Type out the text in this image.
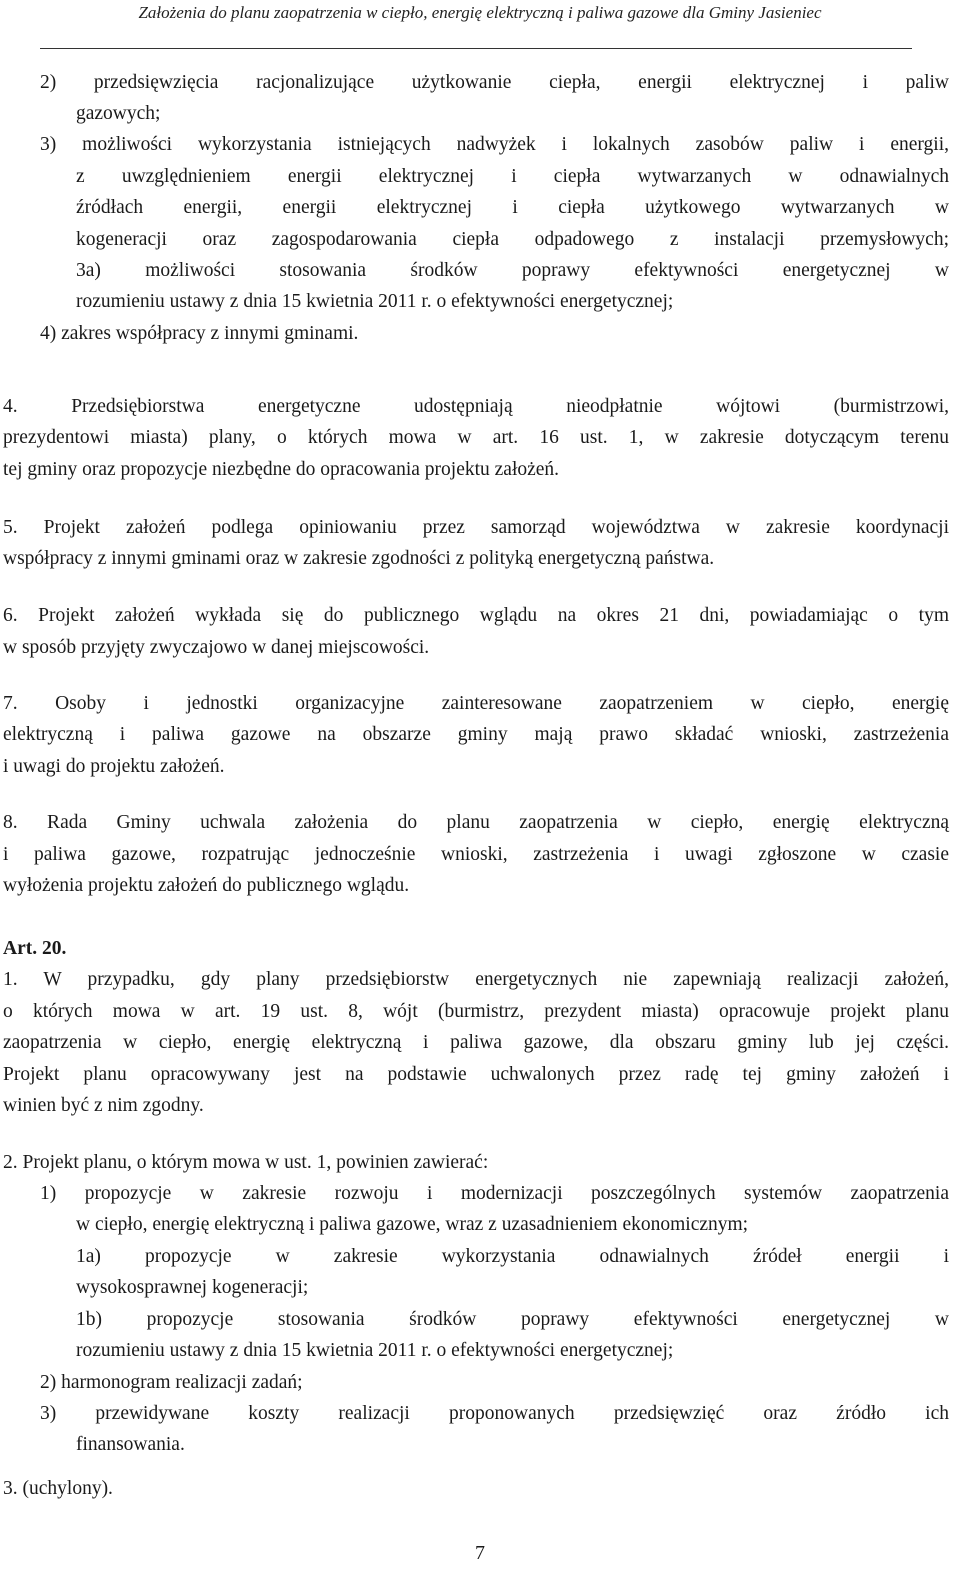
Założenia do planu zaopatrzenia w ciepło, energię elektryczną i paliwa gazowe dla Gminy Jasieniec
2) przedsięwzięcia racjonalizujące użytkowanie ciepła, energii elektrycznej i paliw
gazowych;
3) możliwości wykorzystania istniejących nadwyżek i lokalnych zasobów paliw i energii,
z uwzględnieniem energii elektrycznej i ciepła wytwarzanych w odnawialnych
źródłach energii, energii elektrycznej i ciepła użytkowego wytwarzanych w
kogeneracji oraz zagospodarowania ciepła odpadowego z instalacji przemysłowych;
3a) możliwości stosowania środków poprawy efektywności energetycznej w
rozumieniu ustawy z dnia 15 kwietnia 2011 r. o efektywności energetycznej;
4) zakres współpracy z innymi gminami.
4. Przedsiębiorstwa energetyczne udostępniają nieodpłatnie wójtowi (burmistrzowi,
prezydentowi miasta) plany, o których mowa w art. 16 ust. 1, w zakresie dotyczącym terenu
tej gminy oraz propozycje niezbędne do opracowania projektu założeń.
5. Projekt założeń podlega opiniowaniu przez samorząd województwa w zakresie koordynacji
współpracy z innymi gminami oraz w zakresie zgodności z polityką energetyczną państwa.
6. Projekt założeń wykłada się do publicznego wglądu na okres 21 dni, powiadamiając o tym
w sposób przyjęty zwyczajowo w danej miejscowości.
7. Osoby i jednostki organizacyjne zainteresowane zaopatrzeniem w ciepło, energię
elektryczną i paliwa gazowe na obszarze gminy mają prawo składać wnioski, zastrzeżenia
i uwagi do projektu założeń.
8. Rada Gminy uchwala założenia do planu zaopatrzenia w ciepło, energię elektryczną
i paliwa gazowe, rozpatrując jednocześnie wnioski, zastrzeżenia i uwagi zgłoszone w czasie
wyłożenia projektu założeń do publicznego wglądu.
Art. 20.
1. W przypadku, gdy plany przedsiębiorstw energetycznych nie zapewniają realizacji założeń,
o których mowa w art. 19 ust. 8, wójt (burmistrz, prezydent miasta) opracowuje projekt planu
zaopatrzenia w ciepło, energię elektryczną i paliwa gazowe, dla obszaru gminy lub jej części.
Projekt planu opracowywany jest na podstawie uchwalonych przez radę tej gminy założeń i
winien być z nim zgodny.
2. Projekt planu, o którym mowa w ust. 1, powinien zawierać:
1) propozycje w zakresie rozwoju i modernizacji poszczególnych systemów zaopatrzenia
w ciepło, energię elektryczną i paliwa gazowe, wraz z uzasadnieniem ekonomicznym;
1a) propozycje w zakresie wykorzystania odnawialnych źródeł energii i
wysokosprawnej kogeneracji;
1b) propozycje stosowania środków poprawy efektywności energetycznej w
rozumieniu ustawy z dnia 15 kwietnia 2011 r. o efektywności energetycznej;
2) harmonogram realizacji zadań;
3) przewidywane koszty realizacji proponowanych przedsięwzięć oraz źródło ich
finansowania.
3. (uchylony).
7
